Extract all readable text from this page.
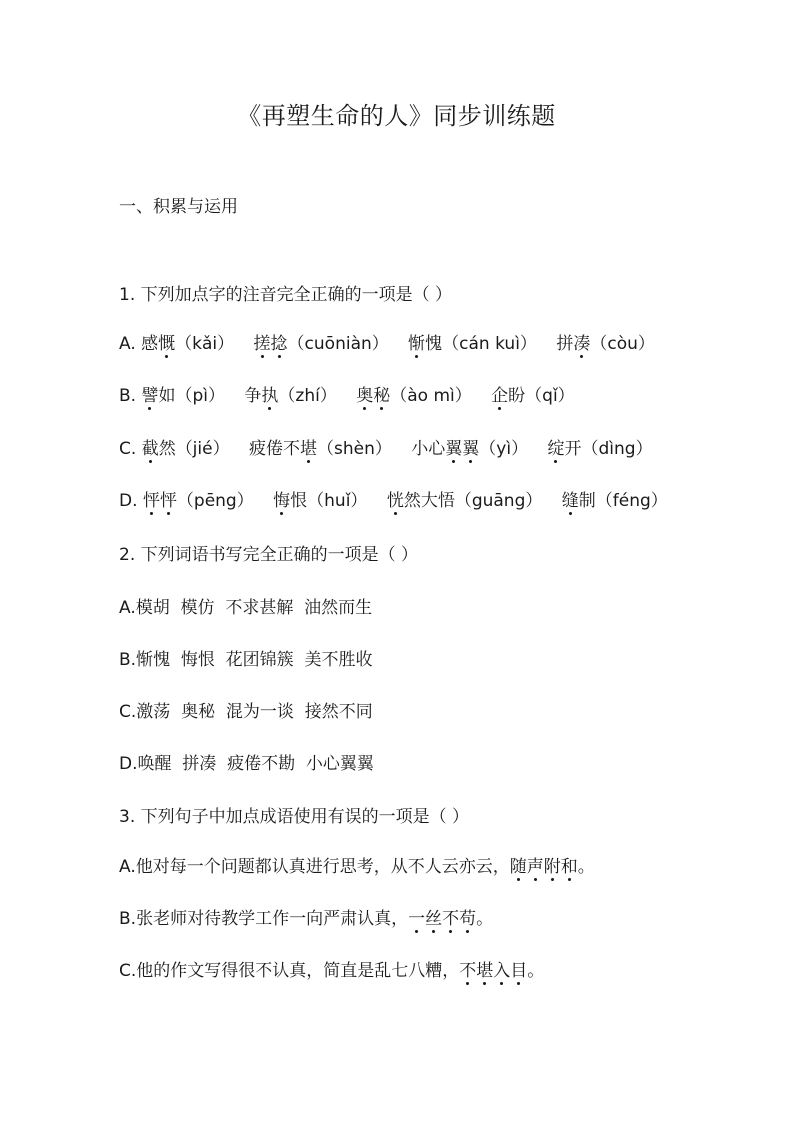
《再塑生命的人》同步训练题
一、积累与运用
1. 下列加点字的注音完全正确的一项是（ ）
A. 感慨（kǎi） 搓捻（cuōniàn） 惭愧（cán kuì） 拼凑（còu）
B. 譬如（pì） 争执（zhí） 奥秘（ào mì） 企盼（qǐ）
C. 截然（jié） 疲倦不堪（shèn） 小心翼翼（yì） 绽开（dìng）
D. 怦怦（pēng） 悔恨（huǐ） 恍然大悟（guāng） 缝制（féng）
2. 下列词语书写完全正确的一项是（ ）
A.模胡  模仿  不求甚解  油然而生
B.惭愧  悔恨  花团锦簇  美不胜收
C.激荡  奥秘  混为一谈  接然不同
D.唤醒  拼凑  疲倦不勘  小心翼翼
3. 下列句子中加点成语使用有误的一项是（ ）
A.他对每一个问题都认真进行思考，从不人云亦云，随声附和。
B.张老师对待教学工作一向严肃认真，一丝不苟。
C.他的作文写得很不认真，简直是乱七八糟，不堪入目。
